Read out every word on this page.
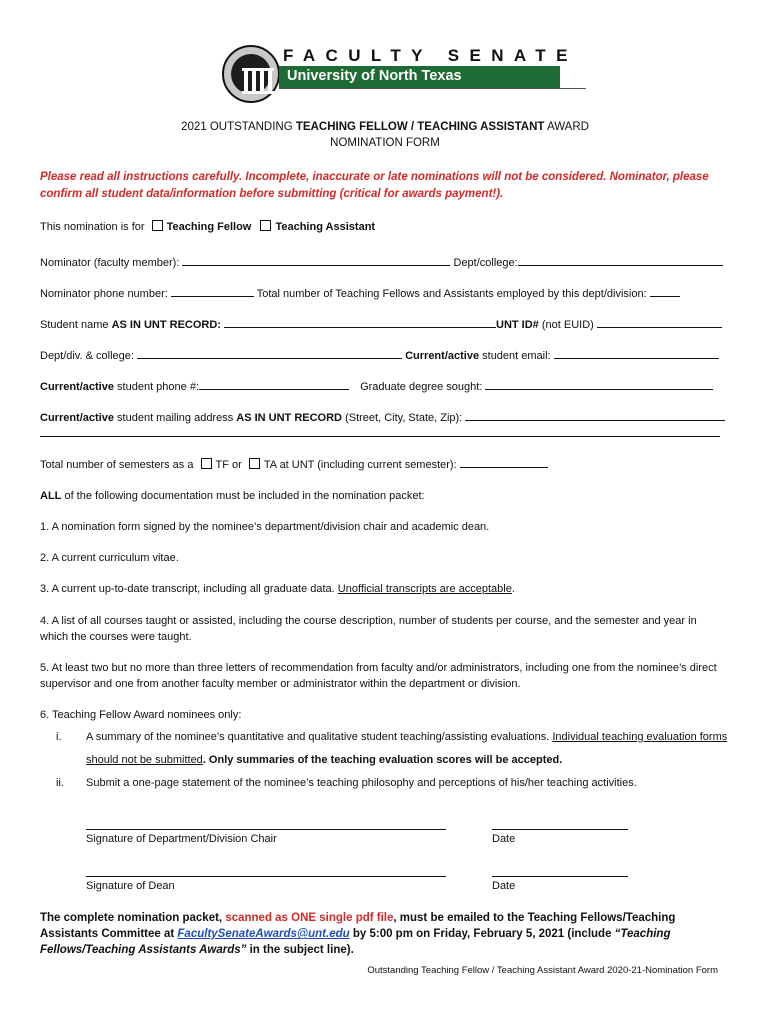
FACULTY SENATE
University of North Texas
2021 OUTSTANDING TEACHING FELLOW / TEACHING ASSISTANT AWARD
NOMINATION FORM
Please read all instructions carefully. Incomplete, inaccurate or late nominations will not be considered. Nominator, please confirm all student data/information before submitting (critical for awards payment!).
This nomination is for Teaching Fellow Teaching Assistant
Nominator (faculty member):	Dept/college:
Nominator phone number:	Total number of Teaching Fellows and Assistants employed by this dept/division:
Student name AS IN UNT RECORD:	UNT ID# (not EUID)
Dept/div. & college:	Current/active student email:
Current/active student phone #:	Graduate degree sought:
Current/active student mailing address AS IN UNT RECORD (Street, City, State, Zip):
Total number of semesters as a TF or TA at UNT (including current semester):
ALL of the following documentation must be included in the nomination packet:
1. A nomination form signed by the nominee’s department/division chair and academic dean.
2. A current curriculum vitae.
3. A current up-to-date transcript, including all graduate data. Unofficial transcripts are acceptable.
4. A list of all courses taught or assisted, including the course description, number of students per course, and the semester and year in which the courses were taught.
5. At least two but no more than three letters of recommendation from faculty and/or administrators, including one from the nominee’s direct supervisor and one from another faculty member or administrator within the department or division.
6. Teaching Fellow Award nominees only:
i. A summary of the nominee’s quantitative and qualitative student teaching/assisting evaluations. Individual teaching evaluation forms
should not be submitted. Only summaries of the teaching evaluation scores will be accepted.
ii. Submit a one-page statement of the nominee’s teaching philosophy and perceptions of his/her teaching activities.
Signature of Department/Division Chair	Date
Signature of Dean	Date
The complete nomination packet, scanned as ONE single pdf file, must be emailed to the Teaching Fellows/Teaching Assistants Committee at FacultySenateAwards@unt.edu by 5:00 pm on Friday, February 5, 2021 (include “Teaching Fellows/Teaching Assistants Awards” in the subject line).
Outstanding Teaching Fellow / Teaching Assistant Award 2020-21-Nomination Form
